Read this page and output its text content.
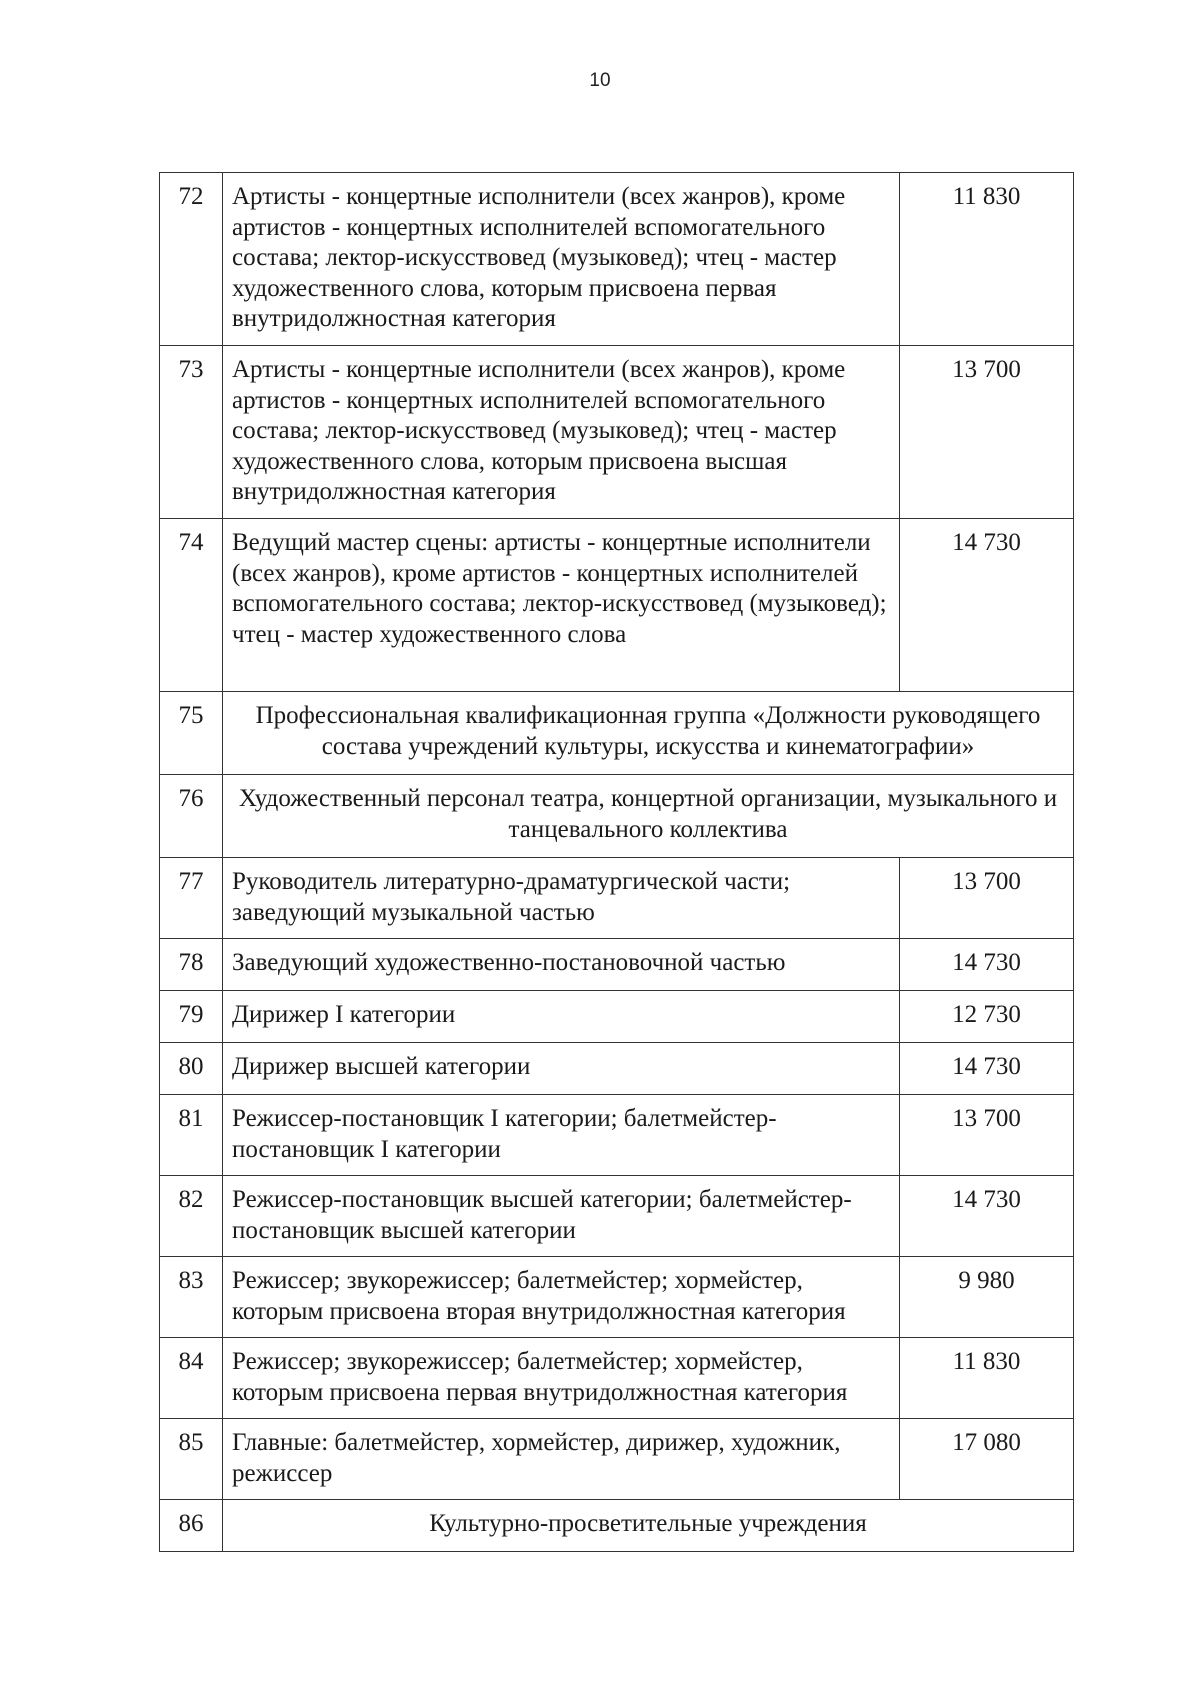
10
72	Артисты - концертные исполнители (всех жанров), кроме артистов - концертных исполнителей вспомогательного состава; лектор-искусствовед (музыковед); чтец - мастер художественного слова, которым присвоена первая внутридолжностная категория	11 830
73	Артисты - концертные исполнители (всех жанров), кроме артистов - концертных исполнителей вспомогательного состава; лектор-искусствовед (музыковед); чтец - мастер художественного слова, которым присвоена высшая внутридолжностная категория	13 700
74	Ведущий мастер сцены: артисты - концертные исполнители (всех жанров), кроме артистов - концертных исполнителей вспомогательного состава; лектор-искусствовед (музыковед); чтец - мастер художественного слова	14 730
75	Профессиональная квалификационная группа «Должности руководящего состава учреждений культуры, искусства и кинематографии»	
76	Художественный персонал театра, концертной организации, музыкального и танцевального коллектива	
77	Руководитель литературно-драматургической части; заведующий музыкальной частью	13 700
78	Заведующий художественно-постановочной частью	14 730
79	Дирижер I категории	12 730
80	Дирижер высшей категории	14 730
81	Режиссер-постановщик I категории; балетмейстер-постановщик I категории	13 700
82	Режиссер-постановщик высшей категории; балетмейстер-постановщик высшей категории	14 730
83	Режиссер; звукорежиссер; балетмейстер; хормейстер, которым присвоена вторая внутридолжностная категория	9 980
84	Режиссер; звукорежиссер; балетмейстер; хормейстер, которым присвоена первая внутридолжностная категория	11 830
85	Главные: балетмейстер, хормейстер, дирижер, художник, режиссер	17 080
86	Культурно-просветительные учреждения	
